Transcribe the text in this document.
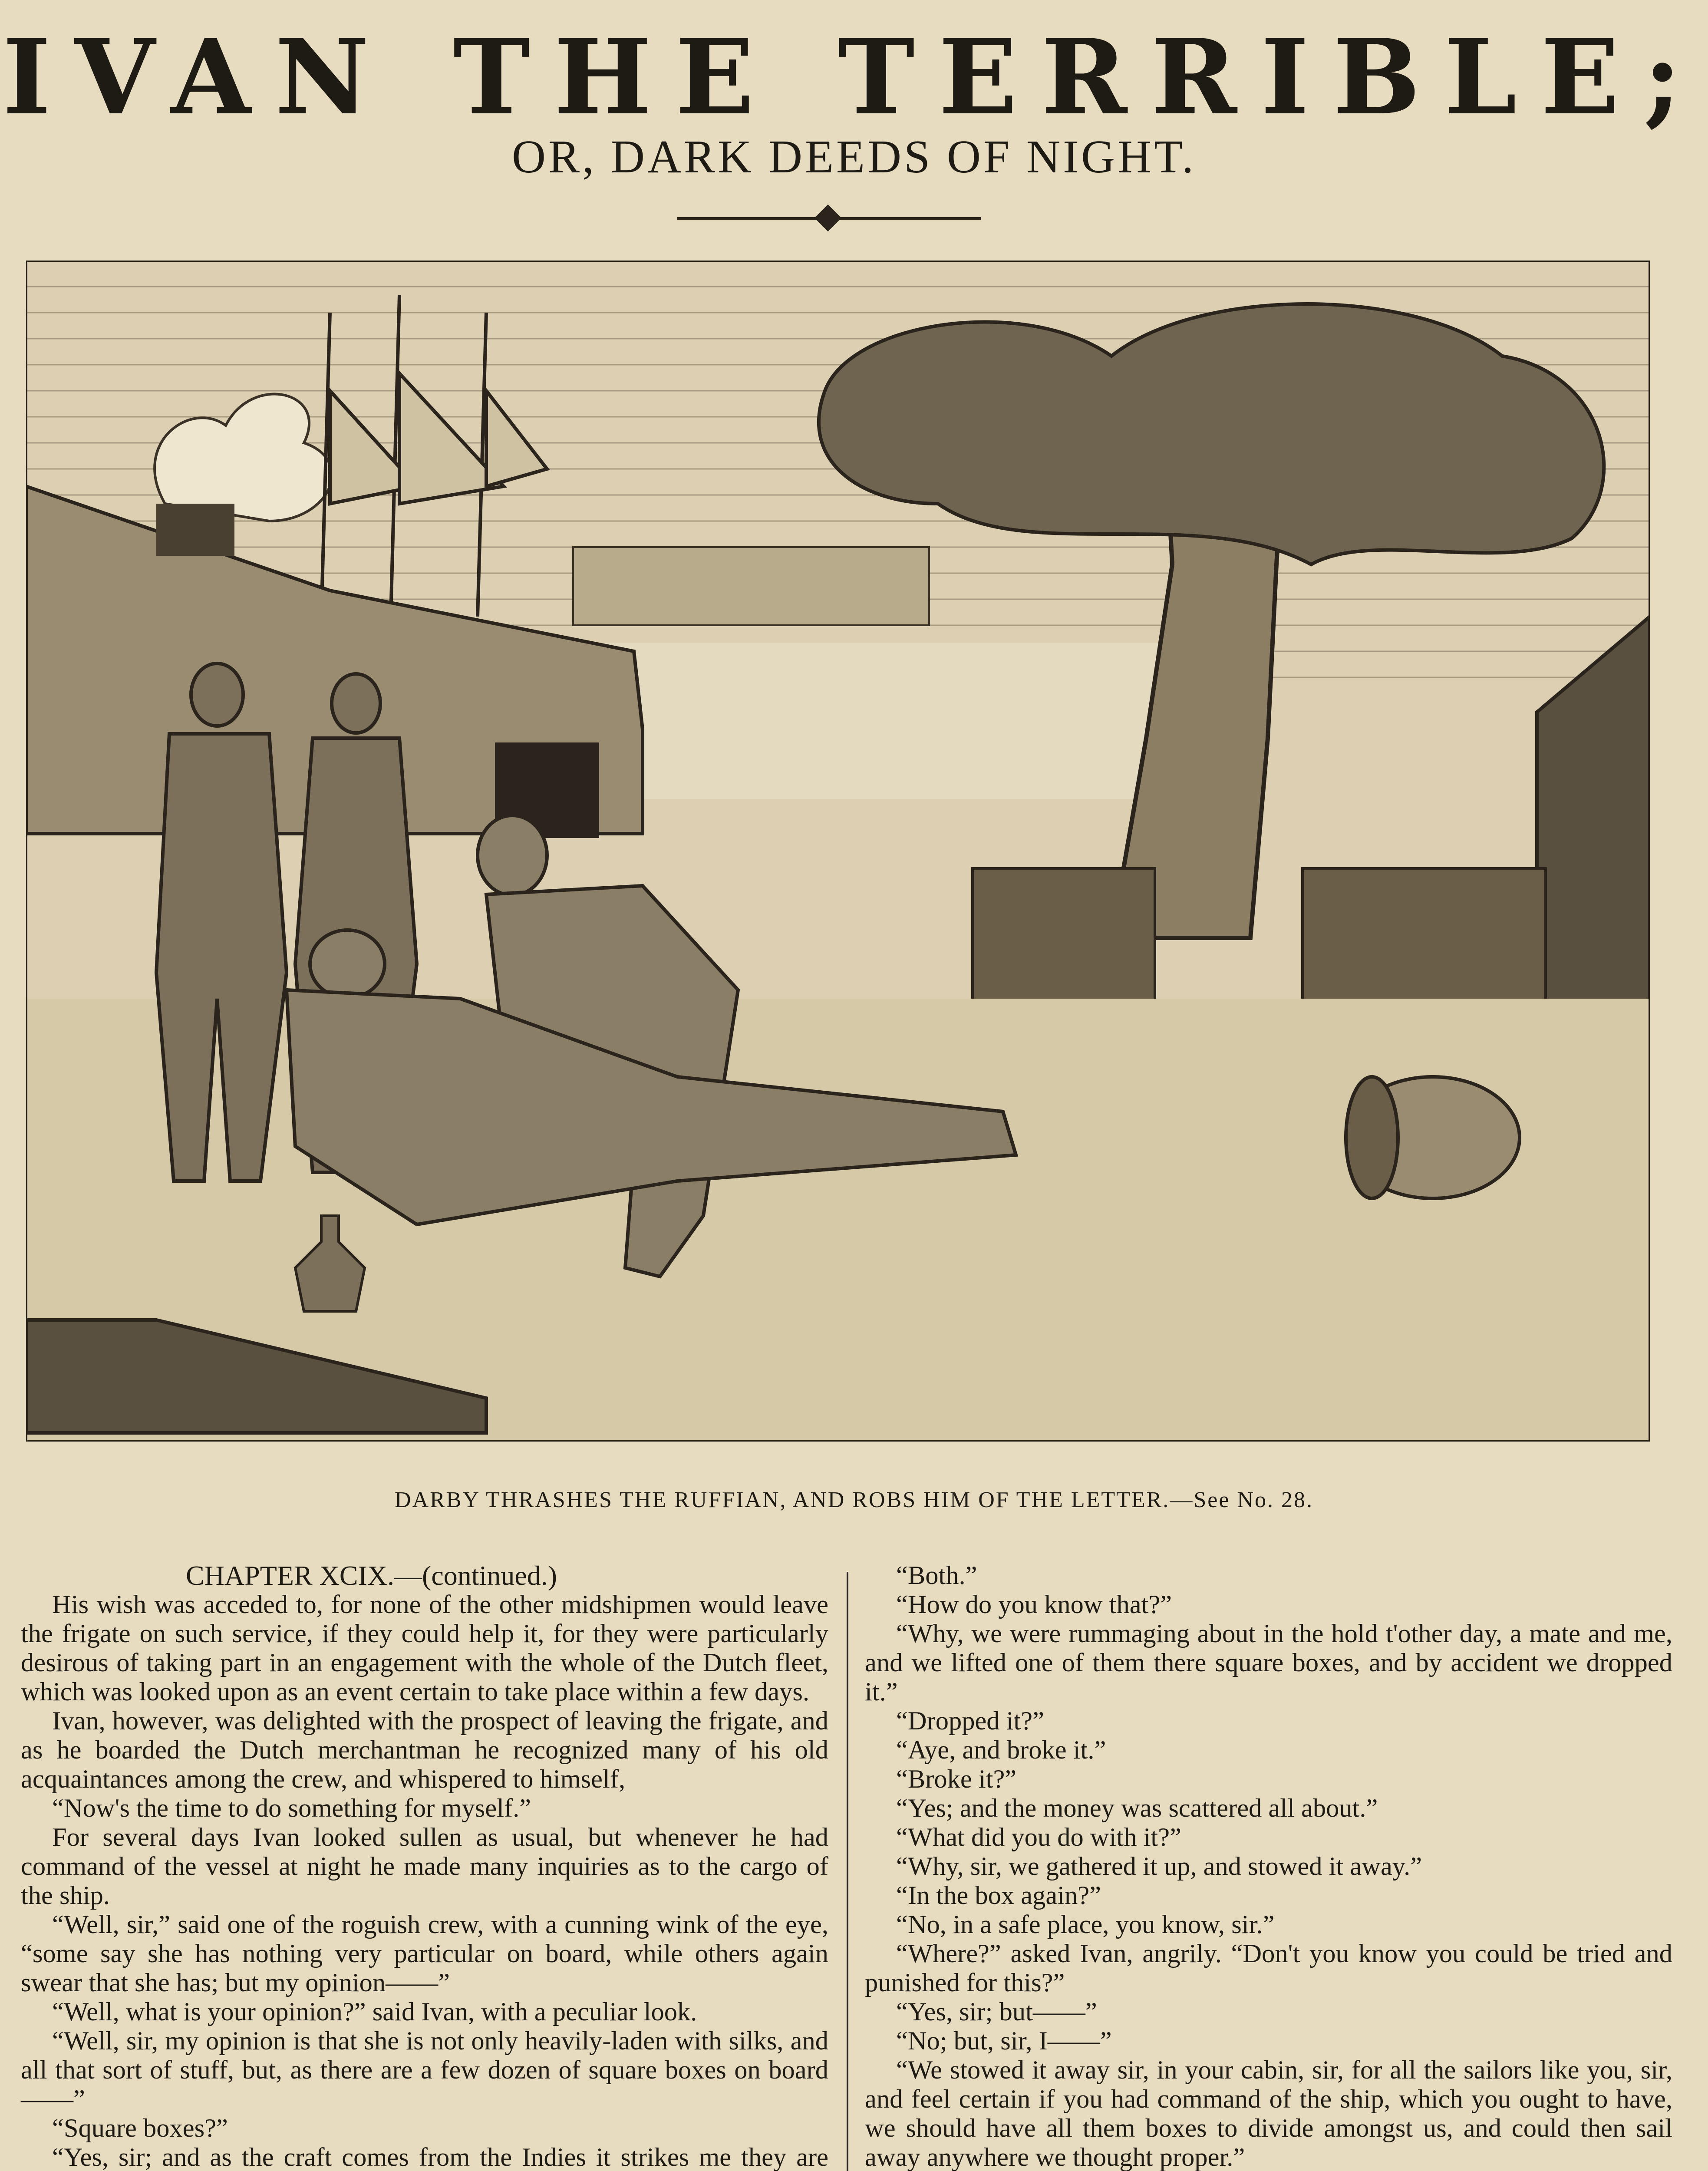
IVAN THE TERRIBLE;
OR, DARK DEEDS OF NIGHT.
DARBY THRASHES THE RUFFIAN, AND ROBS HIM OF THE LETTER.—See No. 28.

CHAPTER XCIX.—(continued.)

His wish was acceded to, for none of the other midshipmen would leave the frigate on such service, if they could help it, for they were particularly desirous of taking part in an engagement with the whole of the Dutch fleet, which was looked upon as an event certain to take place within a few days.

Ivan, however, was delighted with the prospect of leaving the frigate, and as he boarded the Dutch merchantman he recognized many of his old acquaintances among the crew, and whispered to himself,

“Now's the time to do something for myself.”

For several days Ivan looked sullen as usual, but whenever he had command of the vessel at night he made many inquiries as to the cargo of the ship.

“Well, sir,” said one of the roguish crew, with a cunning wink of the eye, “some say she has nothing very particular on board, while others again swear that she has; but my opinion——”

“Well, what is your opinion?” said Ivan, with a peculiar look.

“Well, sir, my opinion is that she is not only heavily-laden with silks, and all that sort of stuff, but, as there are a few dozen of square boxes on board——”

“Square boxes?”

“Yes, sir; and as the craft comes from the Indies it strikes me they are

“Both.”

“How do you know that?”

“Why, we were rummaging about in the hold t'other day, a mate and me, and we lifted one of them there square boxes, and by accident we dropped it.”

“Dropped it?”

“Aye, and broke it.”

“Broke it?”

“Yes; and the money was scattered all about.”

“What did you do with it?”

“Why, sir, we gathered it up, and stowed it away.”

“In the box again?”

“No, in a safe place, you know, sir.”

“Where?” asked Ivan, angrily. “Don't you know you could be tried and punished for this?”

“Yes, sir; but——”

“No; but, sir, I——”

“We stowed it away sir, in your cabin, sir, for all the sailors like you, sir, and feel certain if you had command of the ship, which you ought to have, we should have all them boxes to divide amongst us, and could then sail away anywhere we thought proper.”
